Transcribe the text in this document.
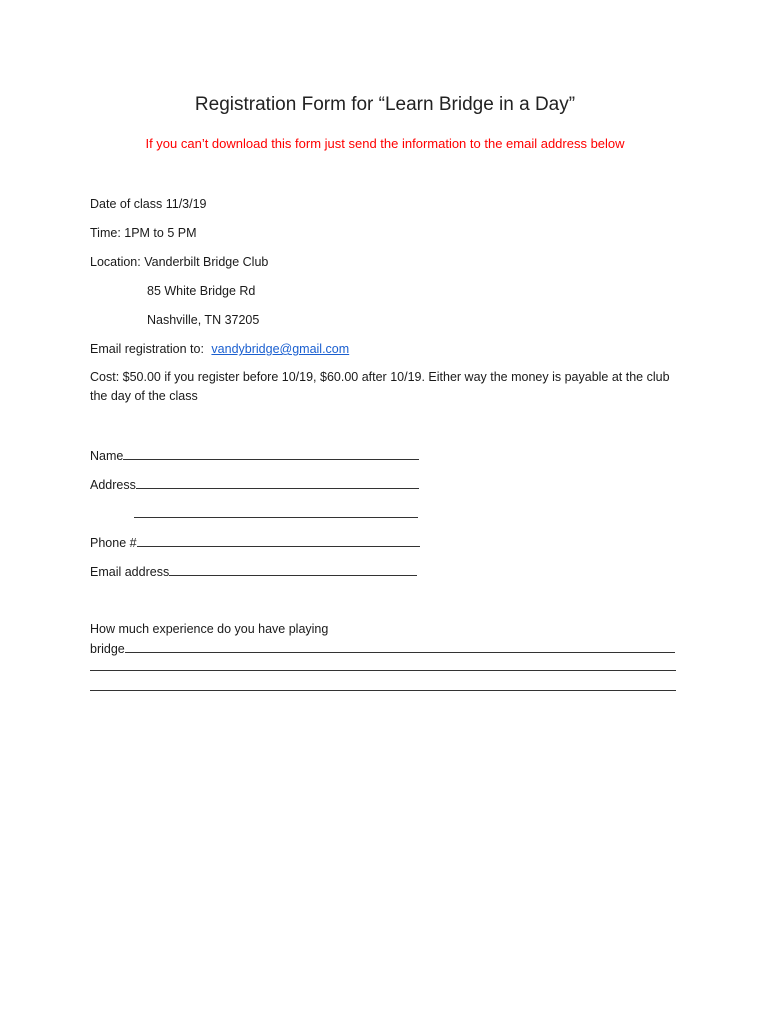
Registration Form for “Learn Bridge in a Day”
If you can’t download this form just send the information to the email address below
Date of class 11/3/19
Time: 1PM to 5 PM
Location: Vanderbilt Bridge Club
85 White Bridge Rd
Nashville, TN 37205
Email registration to: vandybridge@gmail.com
Cost: $50.00 if you register before 10/19, $60.00 after 10/19. Either way the money is payable at the club the day of the class
Name
Address
Phone #
Email address
How much experience do you have playing
bridge
